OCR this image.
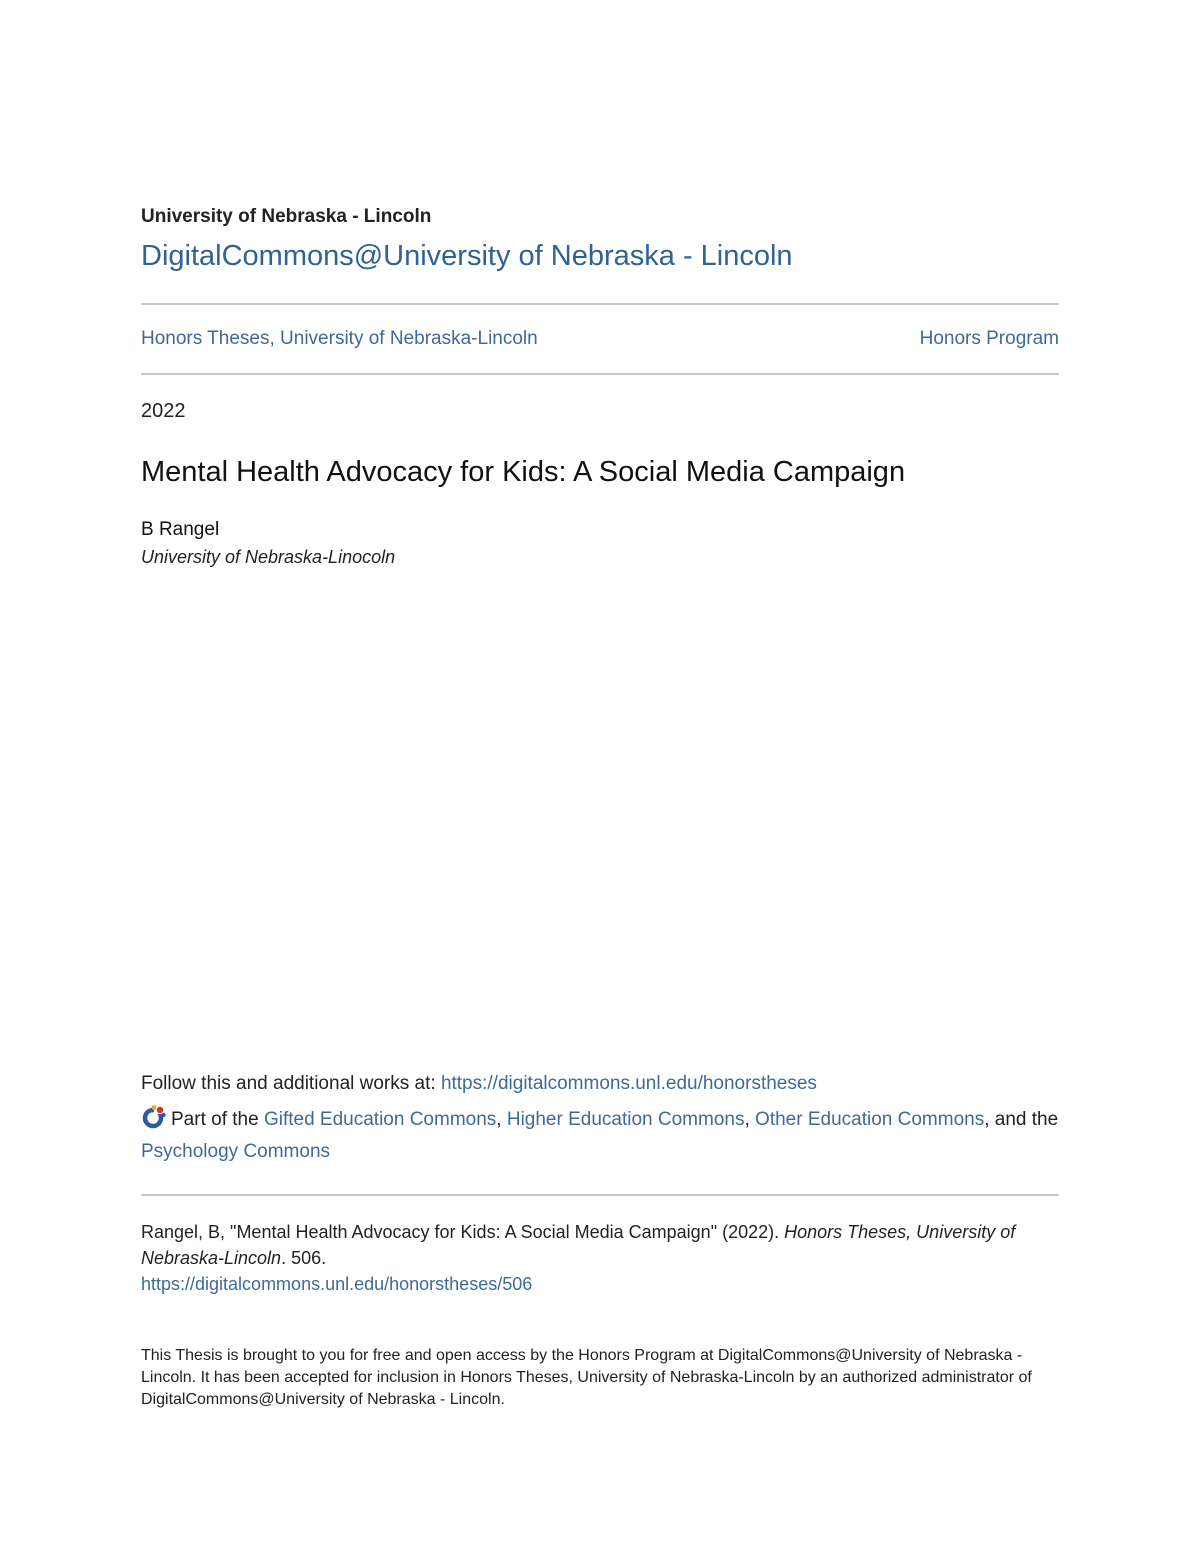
University of Nebraska - Lincoln
DigitalCommons@University of Nebraska - Lincoln
Honors Theses, University of Nebraska-Lincoln	Honors Program
2022
Mental Health Advocacy for Kids: A Social Media Campaign
B Rangel
University of Nebraska-Linocoln
Follow this and additional works at: https://digitalcommons.unl.edu/honorstheses
Part of the Gifted Education Commons, Higher Education Commons, Other Education Commons, and the Psychology Commons
Rangel, B, "Mental Health Advocacy for Kids: A Social Media Campaign" (2022). Honors Theses, University of Nebraska-Lincoln. 506.
https://digitalcommons.unl.edu/honorstheses/506
This Thesis is brought to you for free and open access by the Honors Program at DigitalCommons@University of Nebraska - Lincoln. It has been accepted for inclusion in Honors Theses, University of Nebraska-Lincoln by an authorized administrator of DigitalCommons@University of Nebraska - Lincoln.
